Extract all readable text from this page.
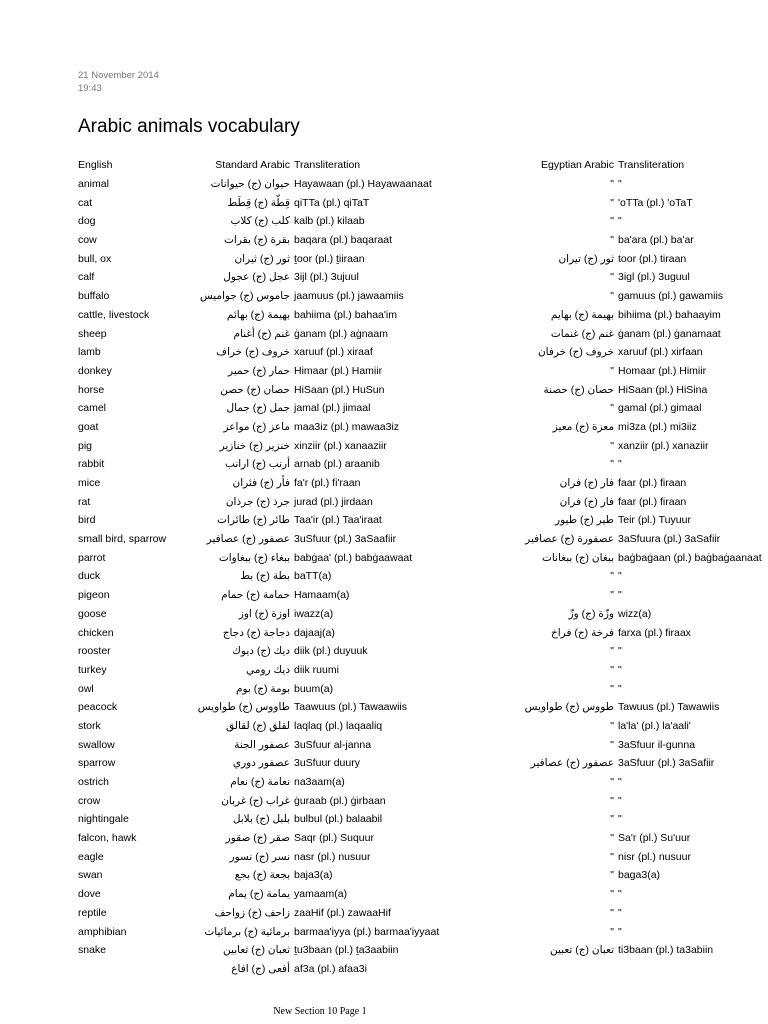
21 November 2014
19:43
Arabic animals vocabulary
English	Standard Arabic	Transliteration	Egyptian Arabic	Transliteration
animal	حيوان (ج) حيوانات	Hayawaan (pl.) Hayawaanaat	"	"
cat	قِطّة (ج) قِطَط	qiTTa (pl.) qiTaT	"	'oTTa (pl.) 'oTaT
dog	كلب (ج) كلاب	kalb (pl.) kilaab	"	"
cow	بقرة (ج) بقرات	baqara (pl.) baqaraat	"	ba'ara (pl.) ba'ar
bull, ox	ثور (ج) ثيران	ṯoor (pl.) ṯiiraan	ثور (ج) تيران	toor (pl.) tiraan
calf	عجل (ج) عجول	3ijl (pl.) 3ujuul	"	3igl (pl.) 3uguul
buffalo	جاموس (ج) جواميس	jaamuus (pl.) jawaamiis	"	gamuus (pl.) gawamiis
cattle, livestock	بهيمة (ج) بهائم	bahiima (pl.) bahaa'im	بهيمة (ج) بهايم	bihiima (pl.) bahaayim
sheep	غنم (ج) أغنام	ġanam (pl.) aġnaam	غنم (ج) غنمات	ġanam (pl.) ġanamaat
lamb	خروف (ج) خراف	xaruuf (pl.) xiraaf	خروف (ج) خرفان	xaruuf (pl.) xirfaan
donkey	حمار (ج) حمير	Himaar (pl.) Hamiir	"	Homaar (pl.) Himiir
horse	حصان (ج) حصن	HiSaan (pl.) HuSun	حصان (ج) حصنة	HiSaan (pl.) HiSina
camel	جمل (ج) جمال	jamal (pl.) jimaal	"	gamal (pl.) gimaal
goat	ماعز (ج) مواعز	maa3iz (pl.) mawaa3iz	معزة (ج) معيز	mi3za (pl.) mi3iiz
pig	خنزير (ج) خنازير	xinziir (pl.) xanaaziir	"	xanziir (pl.) xanaziir
rabbit	أرنب (ج) ارانب	arnab (pl.) araanib	"	"
mice	فأر (ج) فئران	fa'r (pl.) fi'raan	فار (ج) فران	faar (pl.) firaan
rat	جرذ (ج) جرذان	jurad (pl.) jirdaan	فار (ج) فران	faar (pl.) firaan
bird	طائر (ج) طائرات	Taa'ir (pl.) Taa'iraat	طير (ج) طيور	Teir (pl.) Tuyuur
small bird, sparrow	عصفور (ج) عصافير	3uSfuur (pl.) 3aSaafiir	عصفورة (ج) عصافير	3aSfuura (pl.) 3aSafiir
parrot	ببغاء (ج) ببغاوات	babġaa' (pl.) babġaawaat	ببغان (ج) ببغانات	baġbaġaan (pl.) baġbaġaanaat
duck	بطة (ج) بط	baTT(a)	"	"
pigeon	حمامة (ج) حمام	Hamaam(a)	"	"
goose	اوزة (ج) اوز	iwazz(a)	وزّة (ج) وزّ	wizz(a)
chicken	دجاجة (ج) دجاج	dajaaj(a)	فرخة (ج) فراخ	farxa (pl.) firaax
rooster	ديك (ج) ديوك	diik (pl.) duyuuk	"	"
turkey	ديك رومي	diik ruumi	"	"
owl	بومة (ج) بوم	buum(a)	"	"
peacock	طاووس (ج) طواويس	Taawuus (pl.) Tawaawiis	طووس (ج) طواويس	Tawuus (pl.) Tawawiis
stork	لقلق (ج) لقالق	laqlaq (pl.) laqaaliq	"	la'la' (pl.) la'aali'
swallow	عصفور الجنة	3uSfuur al-janna	"	3aSfuur il-gunna
sparrow	عصفور دوري	3uSfuur duury	عصفور (ج) عصافير	3aSfuur (pl.) 3aSafiir
ostrich	نعامة (ج) نعام	na3aam(a)	"	"
crow	غراب (ج) غربان	ġuraab (pl.) ġirbaan	"	"
nightingale	بلبل (ج) بلابل	bulbul (pl.) balaabil	"	"
falcon, hawk	صقر (ج) صقور	Saqr (pl.) Suquur	"	Sa'r (pl.) Su'uur
eagle	نسر (ج) نسور	nasr (pl.) nusuur	"	nisr (pl.) nusuur
swan	بجعة (ج) بجع	baja3(a)	"	baga3(a)
dove	يمامة (ج) يمام	yamaam(a)	"	"
reptile	زاحف (ج) زواحف	zaaHif (pl.) zawaaHif	"	"
amphibian	برمائية (ج) برمائيات	barmaa'iyya (pl.) barmaa'iyyaat	"	"
snake	ثعبان (ج) ثعابين	ṯu3baan (pl.) ṯa3aabiin	تعبان (ج) تعبين	ti3baan (pl.) ta3abiin
	أفعى (ج) افاع	af3a (pl.) afaa3i		
New Section 10 Page 1
